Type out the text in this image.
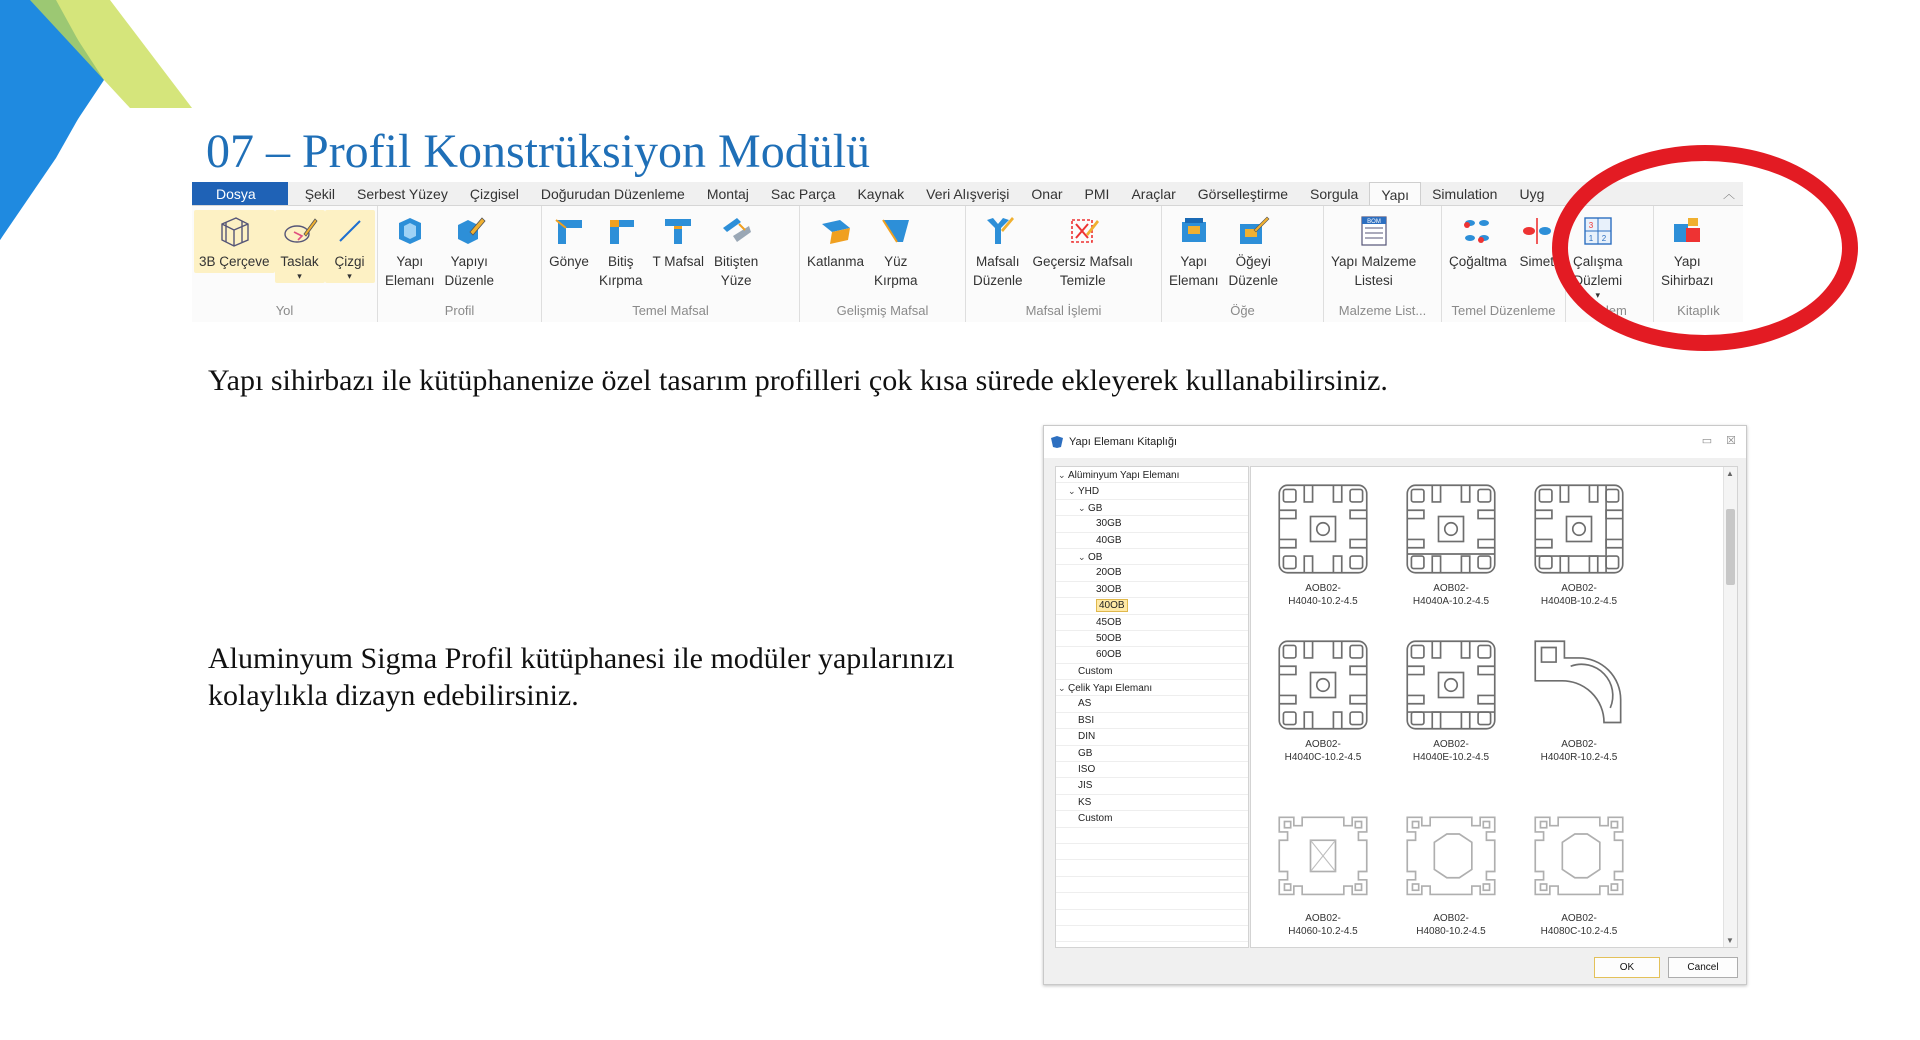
07 – Profil Konstrüksiyon Modülü
Dosya	Şekil	Serbest Yüzey	Çizgisel	Doğurudan Düzenleme	Montaj	Sac Parça	Kaynak	Veri Alışverişi	Onar	PMI	Araçlar	Görselleştirme	Sorgula	Yapı	Simulation	Uyg	︿
3B Çerçeve Taslak
▾
Çizgi
▾
Yol
Yapı
Elemanı
Yapıyı
Düzenle
Profil
Gönye	Bitiş
Kırpma
T Mafsal Bitişten
Yüze
Temel Mafsal
Katlanma	Yüz
Kırpma
Gelişmiş Mafsal
Mafsalı
Düzenle
Geçersiz Mafsalı
Temizle
Mafsal İşlemi
Yapı
Elemanı
Öğeyi
Düzenle
Öğe
BOM
Yapı Malzeme
Listesi
Malzeme List...
Çoğaltma Simet
Temel Düzenleme
3
2
1
Çalışma
Düzlemi
▾
üzlem
Yapı
Sihirbazı
Kitaplık
Yapı sihirbazı ile kütüphanenize özel tasarım profilleri çok kısa sürede ekleyerek kullanabilirsiniz.
Aluminyum Sigma Profil kütüphanesi ile modüler yapılarınızı kolaylıkla dizayn edebilirsiniz.
Yapı Elemanı Kitaplığı	▭ ☒
⌄ Alüminyum Yapı Elemanı
⌄ YHD
⌄ GB
30GB
40GB
⌄ OB
20OB
30OB
40OB
45OB
50OB
60OB
Custom
⌄ Çelik Yapı Elemanı
AS
BSI
DIN
GB
ISO
JIS
KS
Custom
▲
▼
AOB02-
H4040-10.2-4.5
AOB02-
H4040A-10.2-4.5
AOB02-
H4040B-10.2-4.5
AOB02-
H4040C-10.2-4.5
AOB02-
H4040E-10.2-4.5
AOB02-
H4040R-10.2-4.5
AOB02-
H4060-10.2-4.5
AOB02-
H4080-10.2-4.5
AOB02-
H4080C-10.2-4.5
OK	Cancel
